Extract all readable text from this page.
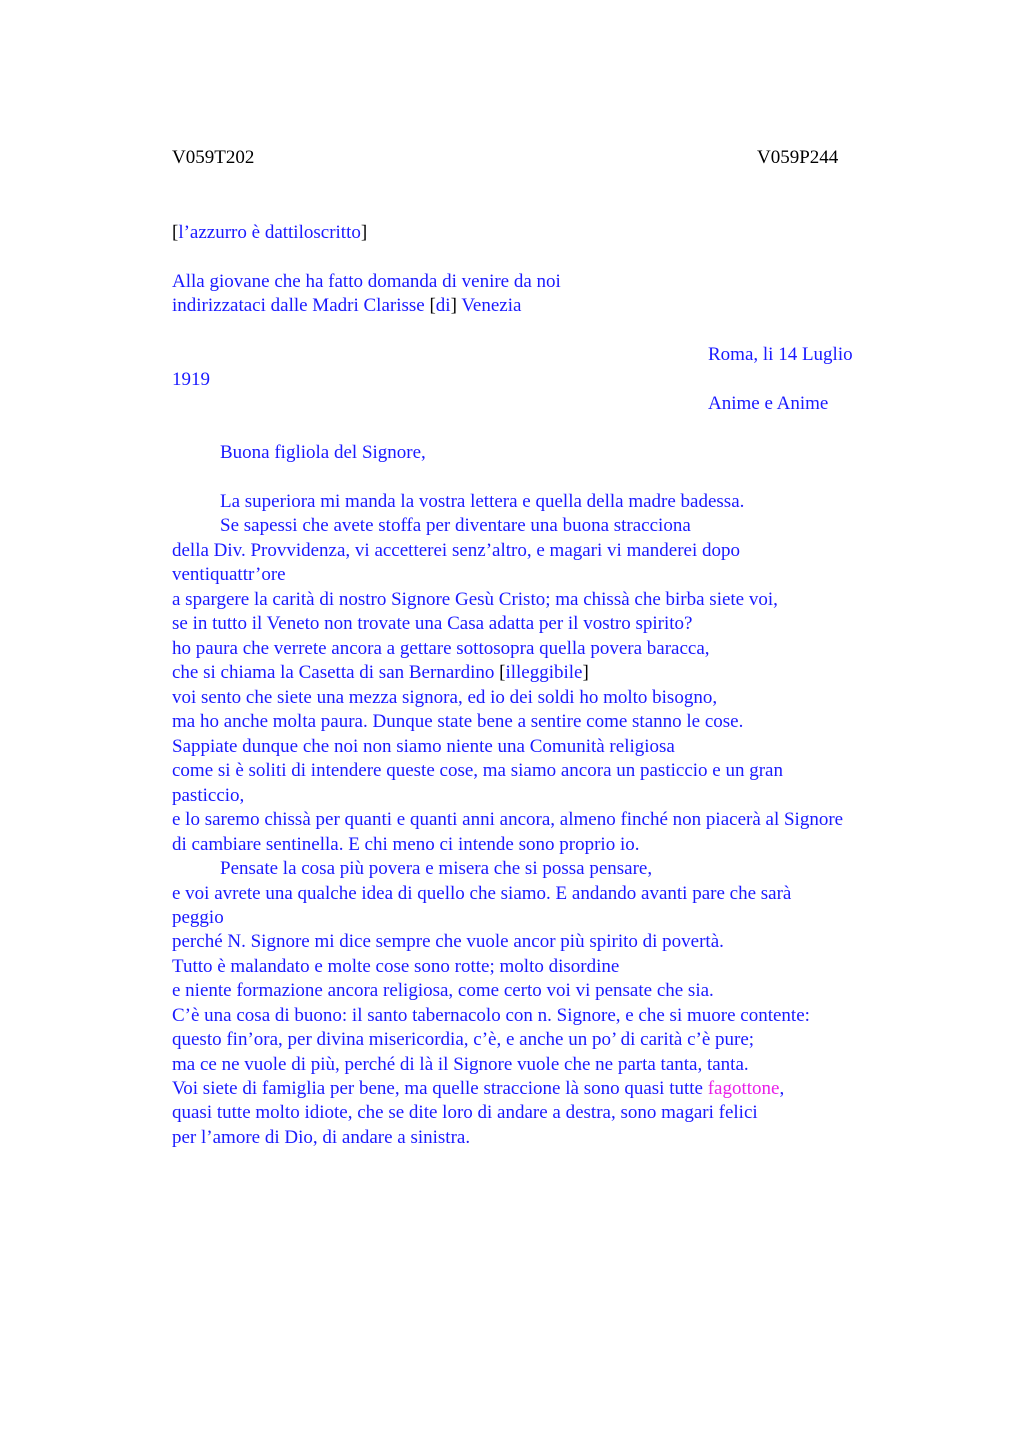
V059T202	V059P244
[l’azzurro è dattiloscritto]
Alla giovane che ha fatto domanda di venire da noi
indirizzataci dalle Madri Clarisse [di] Venezia
Roma, li 14 Luglio
1919
Anime e Anime
Buona figliola del Signore,
La superiora mi manda la vostra lettera e quella della madre badessa.
Se sapessi che avete stoffa per diventare una buona stracciona
della Div. Provvidenza, vi accetterei senz’altro, e magari vi manderei dopo
ventiquattr’ore
a spargere la carità di nostro Signore Gesù Cristo; ma chissà che birba siete voi,
se in tutto il Veneto non trovate una Casa adatta per il vostro spirito?
ho paura che verrete ancora a gettare sottosopra quella povera baracca,
che si chiama la Casetta di san Bernardino [illeggibile]
voi sento che siete una mezza signora, ed io dei soldi ho molto bisogno,
ma ho anche molta paura. Dunque state bene a sentire come stanno le cose.
Sappiate dunque che noi non siamo niente una Comunità religiosa
come si è soliti di intendere queste cose, ma siamo ancora un pasticcio e un gran
pasticcio,
e lo saremo chissà per quanti e quanti anni ancora, almeno finché non piacerà al Signore
di cambiare sentinella. E chi meno ci intende sono proprio io.
Pensate la cosa più povera e misera che si possa pensare,
e voi avrete una qualche idea di quello che siamo. E andando avanti pare che sarà
peggio
perché N. Signore mi dice sempre che vuole ancor più spirito di povertà.
Tutto è malandato e molte cose sono rotte; molto disordine
e niente formazione ancora religiosa, come certo voi vi pensate che sia.
C’è una cosa di buono: il santo tabernacolo con n. Signore, e che si muore contente:
questo fin’ora, per divina misericordia, c’è, e anche un po’ di carità c’è pure;
ma ce ne vuole di più, perché di là il Signore vuole che ne parta tanta, tanta.
Voi siete di famiglia per bene, ma quelle straccione là sono quasi tutte fagottone,
quasi tutte molto idiote, che se dite loro di andare a destra, sono magari felici
per l’amore di Dio, di andare a sinistra.
